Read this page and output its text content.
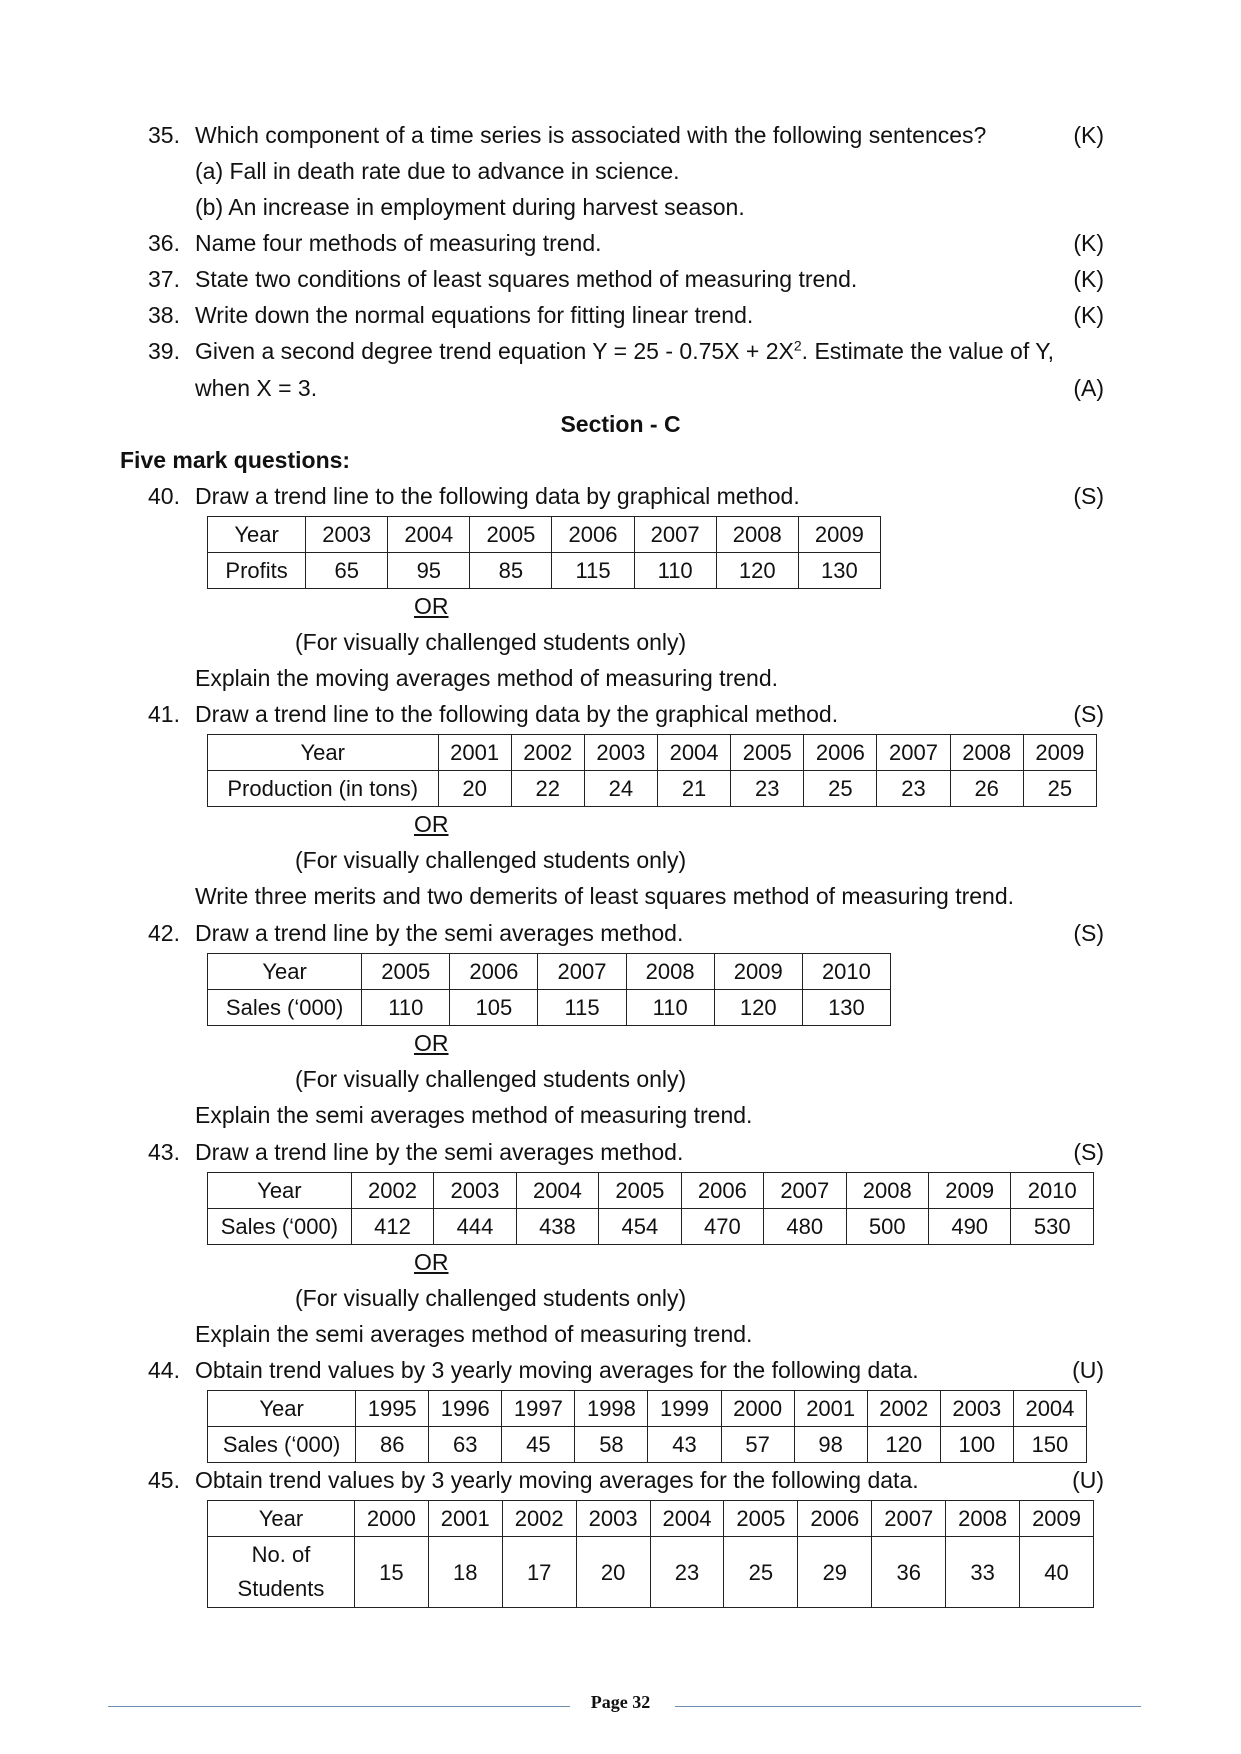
35. Which component of a time series is associated with the following sentences?	(K)
(a) Fall in death rate due to advance in science.
(b) An increase in employment during harvest season.
36. Name four methods of measuring trend.	(K)
37. State two conditions of least squares method of measuring trend.	(K)
38. Write down the normal equations for fitting linear trend.	(K)
39. Given a second degree trend equation $Y = 25 - 0.75X + 2X^2$. Estimate the value of Y,
when X = 3.	(A)
Section - C
Five mark questions:
40. Draw a trend line to the following data by graphical method.	(S)
Year	2003	2004	2005	2006	2007	2008	2009
Profits	65	95	85	115	110	120	130
OR
(For visually challenged students only)
Explain the moving averages method of measuring trend.
41. Draw a trend line to the following data by the graphical method.	(S)
Year	2001	2002	2003	2004	2005	2006	2007	2008	2009
Production (in tons)	20	22	24	21	23	25	23	26	25
OR
(For visually challenged students only)
Write three merits and two demerits of least squares method of measuring trend.
42. Draw a trend line by the semi averages method.	(S)
Year	2005	2006	2007	2008	2009	2010
Sales (‘000)	110	105	115	110	120	130
OR
(For visually challenged students only)
Explain the semi averages method of measuring trend.
43. Draw a trend line by the semi averages method.	(S)
Year	2002	2003	2004	2005	2006	2007	2008	2009	2010
Sales (‘000)	412	444	438	454	470	480	500	490	530
OR
(For visually challenged students only)
Explain the semi averages method of measuring trend.
44. Obtain trend values by 3 yearly moving averages for the following data.	(U)
Year	1995	1996	1997	1998	1999	2000	2001	2002	2003	2004
Sales (‘000)	86	63	45	58	43	57	98	120	100	150
45. Obtain trend values by 3 yearly moving averages for the following data.	(U)
Year	2000	2001	2002	2003	2004	2005	2006	2007	2008	2009
No. of Students	15	18	17	20	23	25	29	36	33	40
Page 32
